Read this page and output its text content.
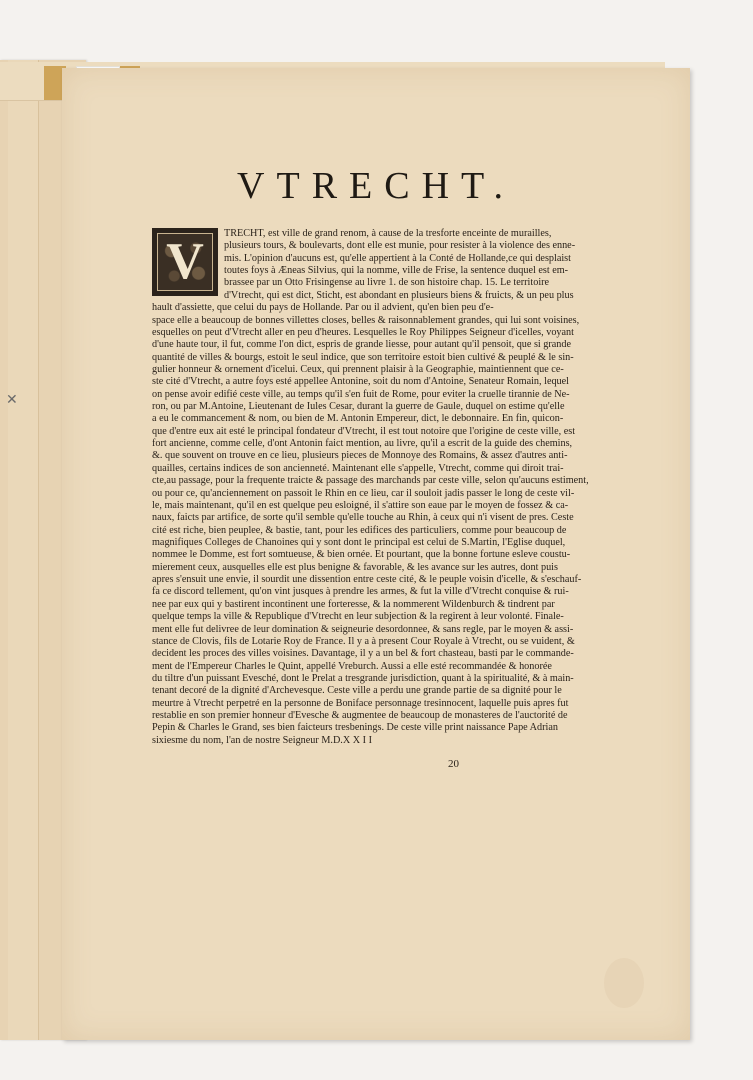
✕
VTRECHT.
V	TRECHT, est ville de grand renom, à cause de la tresforte enceinte de murailles,
plusieurs tours, & boulevarts, dont elle est munie, pour resister à la violence des enne-
mis. L'opinion d'aucuns est, qu'elle appertient à la Conté de Hollande,ce qui desplaist
toutes foys à Æneas Silvius, qui la nomme, ville de Frise, la sentence duquel est em-
brassee par un Otto Frisingense au livre 1. de son histoire chap. 15. Le territoire
d'Vtrecht, qui est dict, Sticht, est abondant en plusieurs biens & fruicts, & un peu plus
hault d'assiette, que celui du pays de Hollande. Par ou il advient, qu'en bien peu d'e-
space elle a beaucoup de bonnes villettes closes, belles & raisonnablement grandes, qui lui sont voisines,
esquelles on peut d'Vtrecht aller en peu d'heures. Lesquelles le Roy Philippes Seigneur d'icelles, voyant
d'une haute tour, il fut, comme l'on dict, espris de grande liesse, pour autant qu'il pensoit, que si grande
quantité de villes & bourgs, estoit le seul indice, que son territoire estoit bien cultivé & peuplé & le sin-
gulier honneur & ornement d'icelui. Ceux, qui prennent plaisir à la Geographie, maintiennent que ce-
ste cité d'Vtrecht, a autre foys esté appellee Antonine, soit du nom d'Antoine, Senateur Romain, lequel
on pense avoir edifié ceste ville, au temps qu'il s'en fuit de Rome, pour eviter la cruelle tirannie de Ne-
ron, ou par M.Antoine, Lieutenant de Iules Cesar, durant la guerre de Gaule, duquel on estime qu'elle
a eu le commancement & nom, ou bien de M. Antonin Empereur, dict, le debonnaire. En fin, quicon-
que d'entre eux ait esté le principal fondateur d'Vtrecht, il est tout notoire que l'origine de ceste ville, est
fort ancienne, comme celle, d'ont Antonin faict mention, au livre, qu'il a escrit de la guide des chemins,
&. que souvent on trouve en ce lieu, plusieurs pieces de Monnoye des Romains, & assez d'autres anti-
quailles, certains indices de son ancienneté. Maintenant elle s'appelle, Vtrecht, comme qui diroit trai-
cte,au passage, pour la frequente traicte & passage des marchands par ceste ville, selon qu'aucuns estiment,
ou pour ce, qu'anciennement on passoit le Rhin en ce lieu, car il souloit jadis passer le long de ceste vil-
le, mais maintenant, qu'il en est quelque peu esloigné, il s'attire son eaue par le moyen de fossez & ca-
naux, faicts par artifice, de sorte qu'il semble qu'elle touche au Rhin, à ceux qui n'i visent de pres. Ceste
cité est riche, bien peuplee, & bastie, tant, pour les edifices des particuliers, comme pour beaucoup de
magnifiques Colleges de Chanoines qui y sont dont le principal est celui de S.Martin, l'Eglise duquel,
nommee le Domme, est fort somtueuse, & bien ornée. Et pourtant, que la bonne fortune esleve coustu-
mierement ceux, ausquelles elle est plus benigne & favorable, & les avance sur les autres, dont puis
apres s'ensuit une envie, il sourdit une dissention entre ceste cité, & le peuple voisin d'icelle, & s'eschauf-
fa ce discord tellement, qu'on vint jusques à prendre les armes, & fut la ville d'Vtrecht conquise & rui-
nee par eux qui y bastirent incontinent une forteresse, & la nommerent Wildenburch & tindrent par
quelque temps la ville & Republique d'Vtrecht en leur subjection & la regirent à leur volonté. Finale-
ment elle fut delivree de leur domination & seigneurie desordonnee, & sans regle, par le moyen & assi-
stance de Clovis, fils de Lotarie Roy de France. Il y a à present Cour Royale à Vtrecht, ou se vuident, &
decident les proces des villes voisines. Davantage, il y a un bel & fort chasteau, basti par le commande-
ment de l'Empereur Charles le Quint, appellé Vreburch. Aussi a elle esté recommandée & honorée
du tiltre d'un puissant Evesché, dont le Prelat a tresgrande jurisdiction, quant à la spiritualité, & à main-
tenant decoré de la dignité d'Archevesque. Ceste ville a perdu une grande partie de sa dignité pour le
meurtre à Vtrecht perpetré en la personne de Boniface personnage tresinnocent, laquelle puis apres fut
restablie en son premier honneur d'Evesche & augmentee de beaucoup de monasteres de l'auctorité de
Pepin & Charles le Grand, ses bien faicteurs tresbenings. De ceste ville print naissance Pape Adrian
sixiesme du nom, l'an de nostre Seigneur M.D.X X I I
20
